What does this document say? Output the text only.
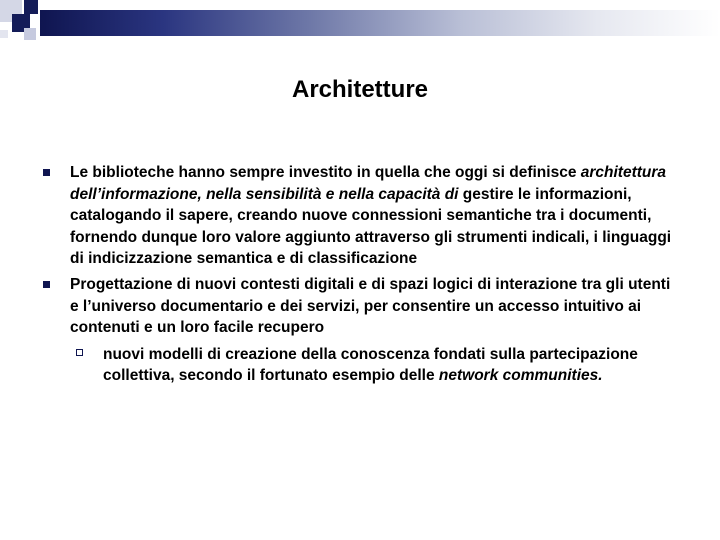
Architetture
Le biblioteche hanno sempre investito in quella che oggi si definisce architettura dell’informazione, nella sensibilità e nella capacità di gestire le informazioni, catalogando il sapere, creando nuove connessioni semantiche tra i documenti, fornendo dunque loro valore aggiunto attraverso gli strumenti indicali, i linguaggi di indicizzazione semantica e di classificazione
Progettazione di nuovi contesti digitali e di spazi logici di interazione tra gli utenti e l’universo documentario e dei servizi, per consentire un accesso intuitivo ai contenuti e un loro facile recupero
nuovi modelli di creazione della conoscenza fondati sulla partecipazione collettiva, secondo il fortunato esempio delle network communities.
